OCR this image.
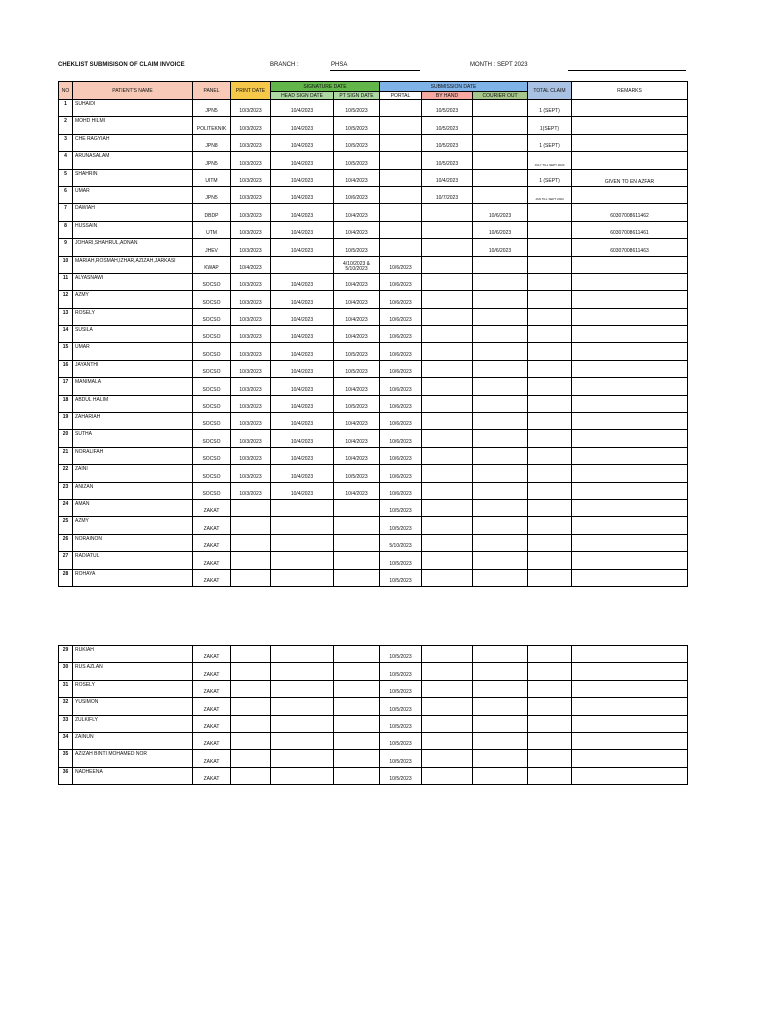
CHEKLIST SUBMISISON OF CLAIM INVOICE	BRANCH :	PHSA	MONTH : SEPT 2023
NO	PATIENT'S NAME	PANEL	PRINT DATE	SIGNATURE DATE		SUBMISSION DATE			TOTAL CLAIM	REMARKS
				HEAD SIGN DATE	PT SIGN DATE	PORTAL	BY HAND	COURIER OUT		
1	SUHAIDI	JPN5	10/3/2023	10/4/2023	10/5/2023		10/5/2023		1 (SEPT)	

2	MOHD HILMI	POLITEKNIK	10/3/2023	10/4/2023	10/5/2023		10/5/2023		1(SEPT)	

3	CHE RAGYIAH	JPN8	10/3/2023	10/4/2023	10/5/2023		10/5/2023		1 (SEPT)	

4	ARUNASALAM	JPN5	10/3/2023	10/4/2023	10/5/2023		10/5/2023		JULY TILL SEPT 2023	

5	SHAHRIN	UITM	10/3/2023	10/4/2023	10/4/2023		10/4/2023		1 (SEPT)	GIVEN TO EN AZFAR

6	UMAR	JPN5	10/3/2023	10/4/2023	10/6/2023		10/7/2023		JAN TILL SEPT 2023	

7	DAWIAH	DBDP	10/3/2023	10/4/2023	10/4/2023			10/6/2023		60307008611462

8	HUSSAIN	UTM	10/3/2023	10/4/2023	10/4/2023			10/6/2023		60307008611461

9	JOHARI,SHAHRUL,ADNAN	JHEV	10/3/2023	10/4/2023	10/5/2023			10/6/2023		60307008611463

10	MARIAH,ROSMAH,IZHAR,AZIZAH,JARKASI	KWAP	10/4/2023		4/10/2023 & 5/10/2023	10/6/2023				

11	ALYASNAWI	SOCSO	10/3/2023	10/4/2023	10/4/2023	10/6/2023				

12	AZMY	SOCSO	10/3/2023	10/4/2023	10/4/2023	10/6/2023				

13	ROSELY	SOCSO	10/3/2023	10/4/2023	10/4/2023	10/6/2023				

14	SUSILA	SOCSO	10/3/2023	10/4/2023	10/4/2023	10/6/2023				

15	UMAR	SOCSO	10/3/2023	10/4/2023	10/5/2023	10/6/2023				

16	JAYANTHI	SOCSO	10/3/2023	10/4/2023	10/5/2023	10/6/2023				

17	MANIMALA	SOCSO	10/3/2023	10/4/2023	10/4/2023	10/6/2023				

18	ABDUL HALIM	SOCSO	10/3/2023	10/4/2023	10/5/2023	10/6/2023				

19	ZAHARIAH	SOCSO	10/3/2023	10/4/2023	10/4/2023	10/6/2023				

20	SUTHA	SOCSO	10/3/2023	10/4/2023	10/4/2023	10/6/2023				

21	NORALIFAH	SOCSO	10/3/2023	10/4/2023	10/4/2023	10/6/2023				

22	ZAINI	SOCSO	10/3/2023	10/4/2023	10/5/2023	10/6/2023				

23	ANIZAN	SOCSO	10/3/2023	10/4/2023	10/4/2023	10/6/2023				

24	AMAN	ZAKAT				10/5/2023				

25	AZMY	ZAKAT				10/5/2023				

26	NORAINON	ZAKAT				5/10/2023				

27	RADIATUL	ZAKAT				10/5/2023				

28	ROHAYA	ZAKAT				10/5/2023				

29	RUKIAH	ZAKAT				10/5/2023				

30	RUS AZLAN	ZAKAT				10/5/2023				

31	ROSELY	ZAKAT				10/5/2023				

32	YUSIMON	ZAKAT				10/5/2023				

33	ZULKIFLY	ZAKAT				10/5/2023				

34	ZAINUN	ZAKAT				10/5/2023				

35	AZIZAH BINTI MOHAMED NOR	ZAKAT				10/5/2023				

36	NADHEENA	ZAKAT				10/5/2023				
